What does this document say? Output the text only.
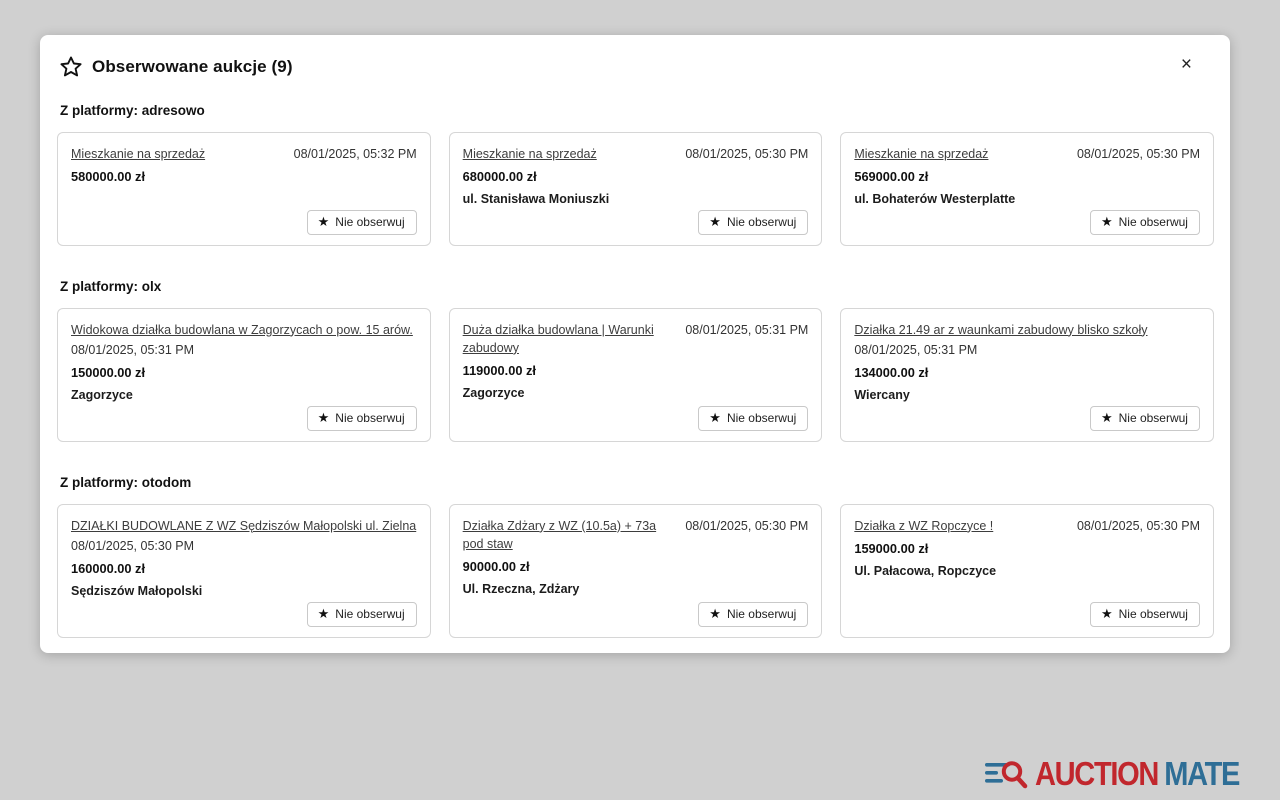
Obserwowane aukcje (9)	×
Z platformy: adresowo
Mieszkanie na sprzedaż	08/01/2025, 05:32 PM
580000.00 zł
★ Nie obserwuj
Mieszkanie na sprzedaż	08/01/2025, 05:30 PM
680000.00 zł
ul. Stanisława Moniuszki
★ Nie obserwuj
Mieszkanie na sprzedaż	08/01/2025, 05:30 PM
569000.00 zł
ul. Bohaterów Westerplatte
★ Nie obserwuj
Z platformy: olx
Widokowa działka budowlana w Zagorzycach o pow. 15 arów.
08/01/2025, 05:31 PM
150000.00 zł
Zagorzyce
★ Nie obserwuj
Duża działka budowlana | Warunki zabudowy
08/01/2025, 05:31 PM
119000.00 zł
Zagorzyce
★ Nie obserwuj
Działka 21.49 ar z waunkami zabudowy blisko szkoły
08/01/2025, 05:31 PM
134000.00 zł
Wiercany
★ Nie obserwuj
Z platformy: otodom
DZIAŁKI BUDOWLANE Z WZ Sędziszów Małopolski ul. Zielna
08/01/2025, 05:30 PM
160000.00 zł
Sędziszów Małopolski
★ Nie obserwuj
Działka Zdżary z WZ (10.5a) + 73a pod staw
08/01/2025, 05:30 PM
90000.00 zł
Ul. Rzeczna, Zdżary
★ Nie obserwuj
Działka z WZ Ropczyce !	08/01/2025, 05:30 PM
159000.00 zł
Ul. Pałacowa, Ropczyce
★ Nie obserwuj
AUCTION MATE
